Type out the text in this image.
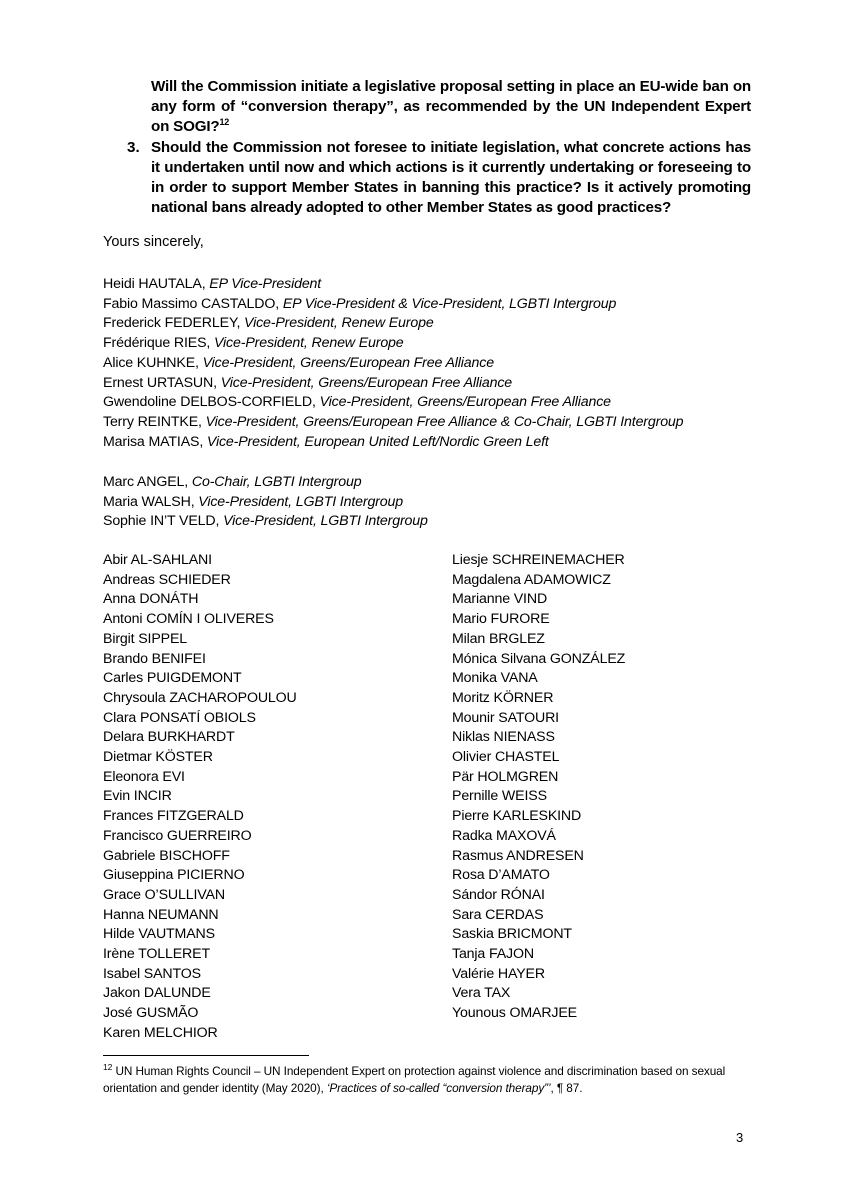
Will the Commission initiate a legislative proposal setting in place an EU-wide ban on any form of “conversion therapy”, as recommended by the UN Independent Expert on SOGI?$^{12}$
3. Should the Commission not foresee to initiate legislation, what concrete actions has it undertaken until now and which actions is it currently undertaking or foreseeing to in order to support Member States in banning this practice? Is it actively promoting national bans already adopted to other Member States as good practices?
Yours sincerely,
Heidi HAUTALA, EP Vice-President
Fabio Massimo CASTALDO, EP Vice-President & Vice-President, LGBTI Intergroup
Frederick FEDERLEY, Vice-President, Renew Europe
Frédérique RIES, Vice-President, Renew Europe
Alice KUHNKE, Vice-President, Greens/European Free Alliance
Ernest URTASUN, Vice-President, Greens/European Free Alliance
Gwendoline DELBOS-CORFIELD, Vice-President, Greens/European Free Alliance
Terry REINTKE, Vice-President, Greens/European Free Alliance & Co-Chair, LGBTI Intergroup
Marisa MATIAS, Vice-President, European United Left/Nordic Green Left
Marc ANGEL, Co-Chair, LGBTI Intergroup
Maria WALSH, Vice-President, LGBTI Intergroup
Sophie IN’T VELD, Vice-President, LGBTI Intergroup
Abir AL-SAHLANI
Andreas SCHIEDER
Anna DONÁTH
Antoni COMÍN I OLIVERES
Birgit SIPPEL
Brando BENIFEI
Carles PUIGDEMONT
Chrysoula ZACHAROPOULOU
Clara PONSATÍ OBIOLS
Delara BURKHARDT
Dietmar KÖSTER
Eleonora EVI
Evin INCIR
Frances FITZGERALD
Francisco GUERREIRO
Gabriele BISCHOFF
Giuseppina PICIERNO
Grace O’SULLIVAN
Hanna NEUMANN
Hilde VAUTMANS
Irène TOLLERET
Isabel SANTOS
Jakon DALUNDE
José GUSMÃO
Karen MELCHIOR
Liesje SCHREINEMACHER
Magdalena ADAMOWICZ
Marianne VIND
Mario FURORE
Milan BRGLEZ
Mónica Silvana GONZÁLEZ
Monika VANA
Moritz KÖRNER
Mounir SATOURI
Niklas NIENASS
Olivier CHASTEL
Pär HOLMGREN
Pernille WEISS
Pierre KARLESKIND
Radka MAXOVÁ
Rasmus ANDRESEN
Rosa D’AMATO
Sándor RÓNAI
Sara CERDAS
Saskia BRICMONT
Tanja FAJON
Valérie HAYER
Vera TAX
Younous OMARJEE
$^{12}$ UN Human Rights Council – UN Independent Expert on protection against violence and discrimination based on sexual orientation and gender identity (May 2020), ‘Practices of so-called “conversion therapy”’, ¶ 87.
3
